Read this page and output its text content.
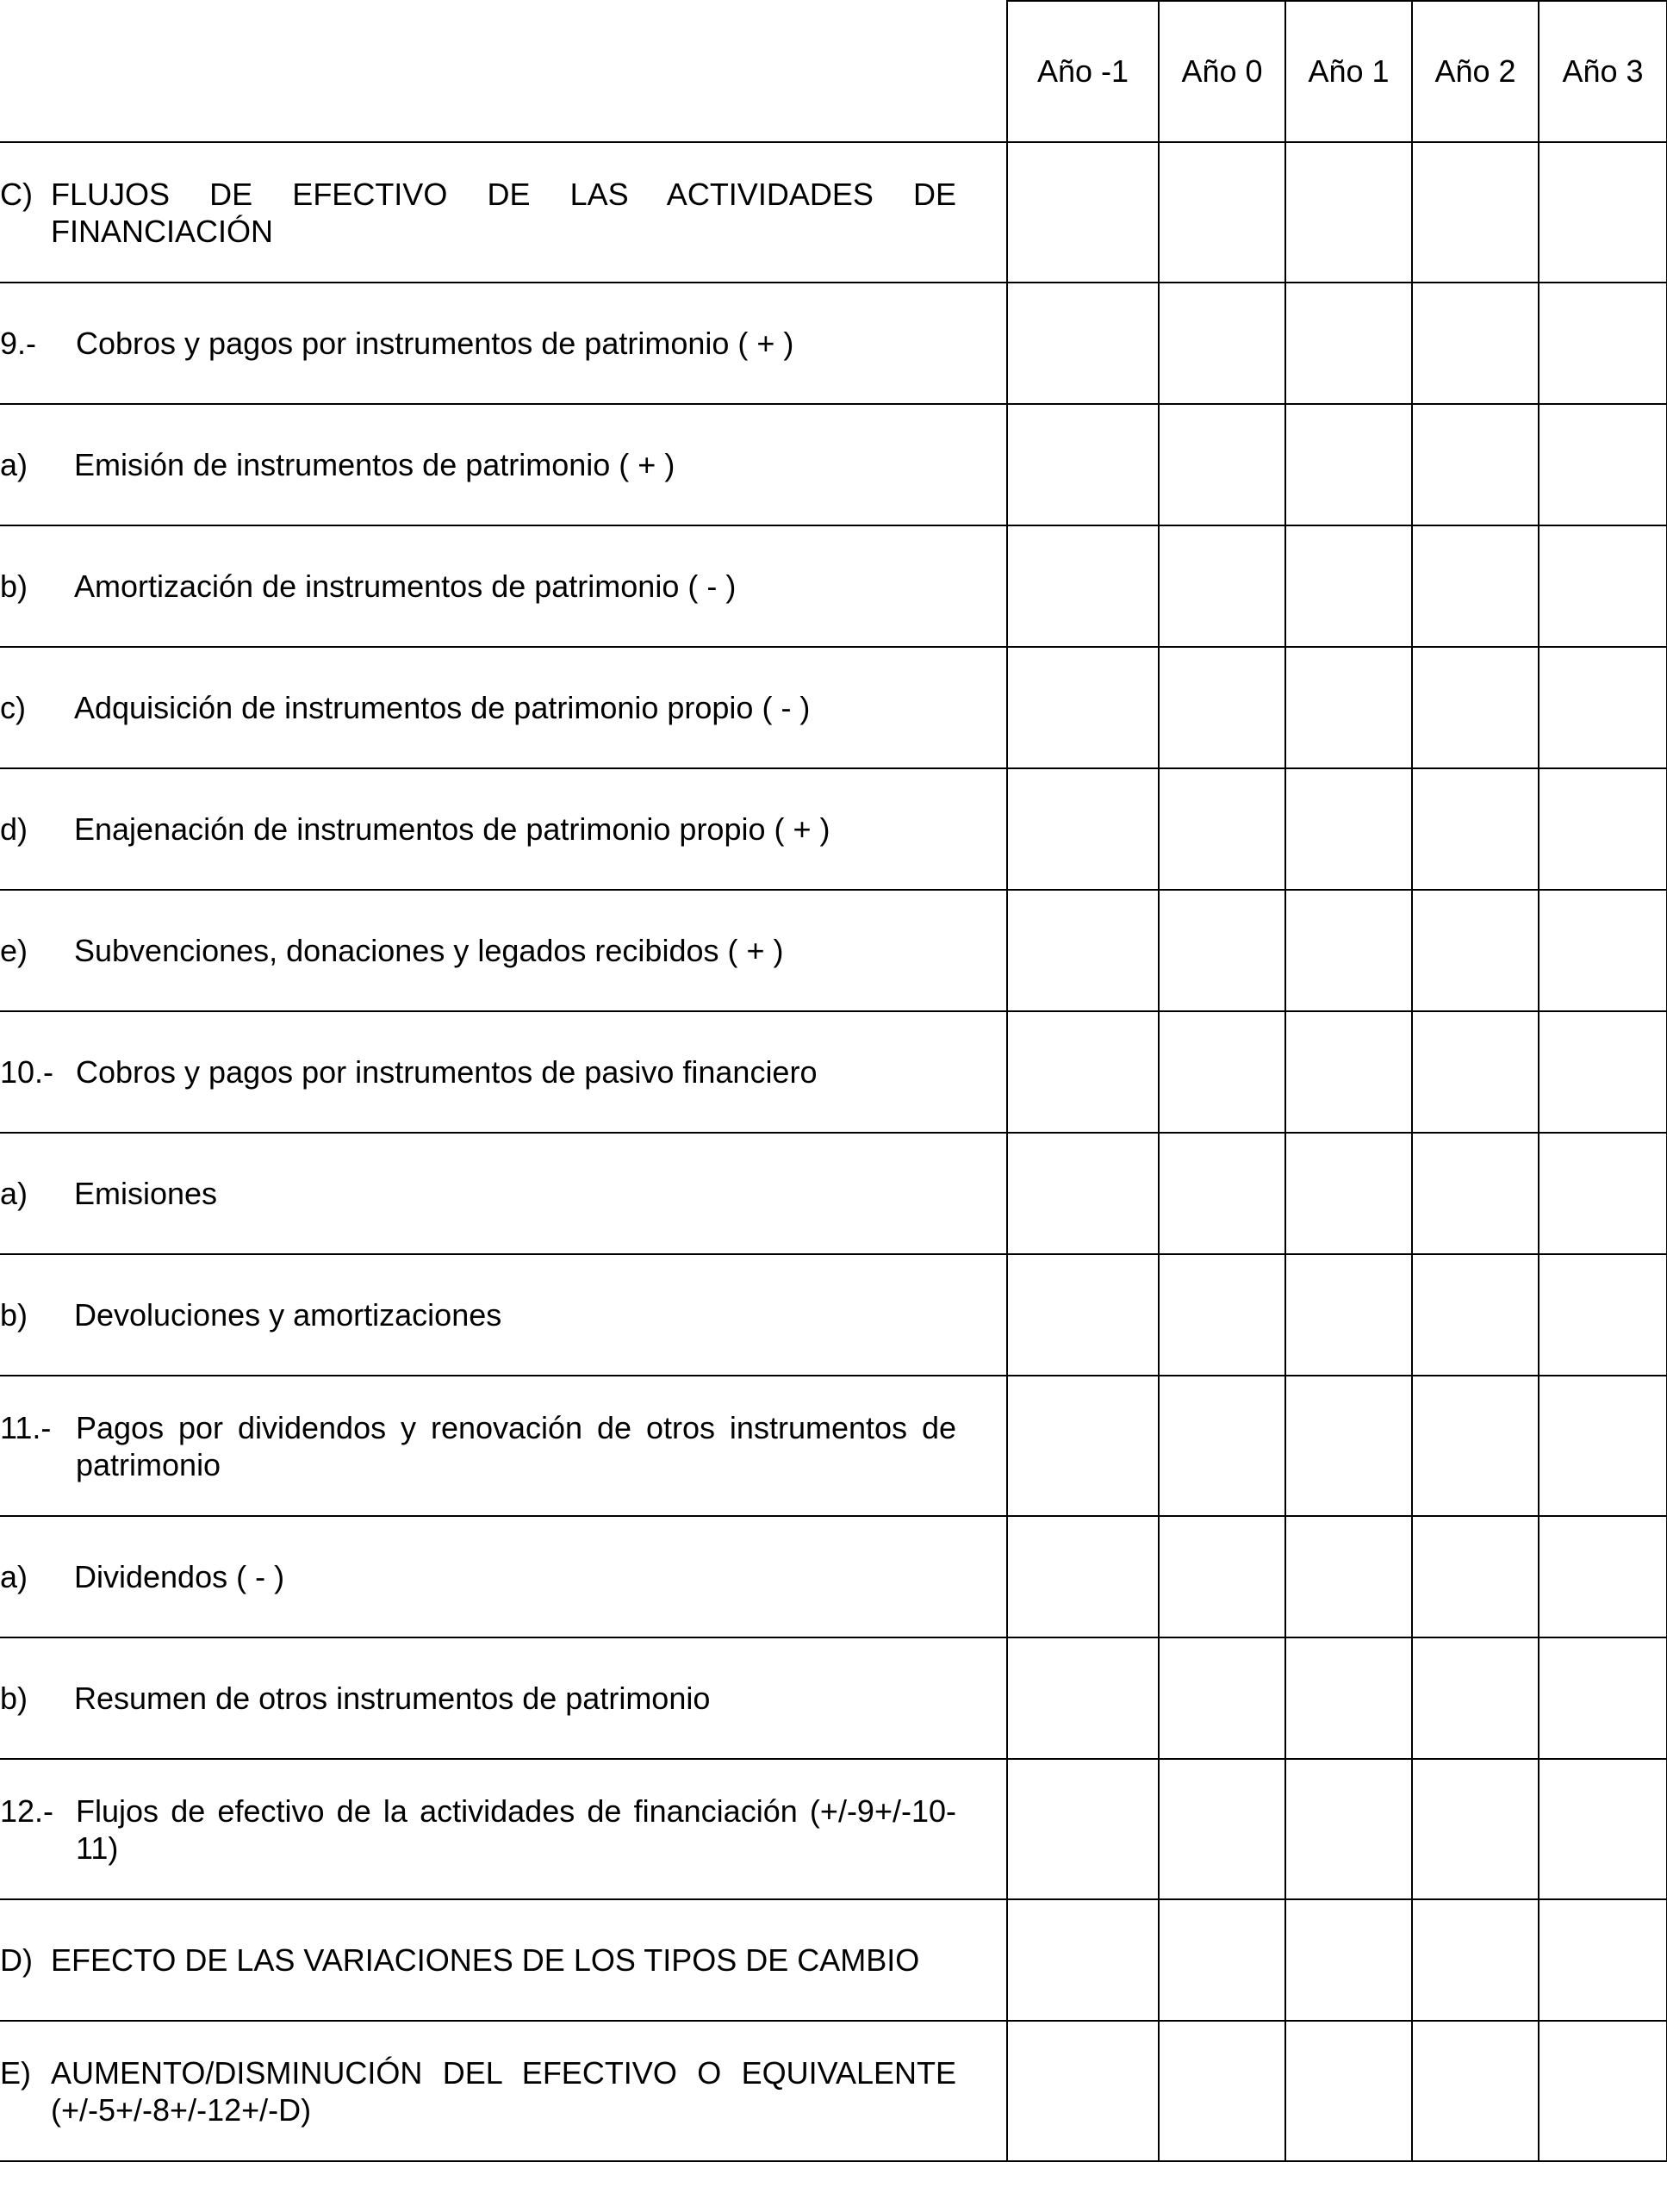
	Año -1	Año 0	Año 1	Año 2	Año 3

C) FLUJOS DE EFECTIVO DE LAS ACTIVIDADES DE FINANCIACIÓN					

9.- Cobros y pagos por instrumentos de patrimonio ( + )					

a) Emisión de instrumentos de patrimonio ( + )					

b) Amortización de instrumentos de patrimonio ( - )					

c) Adquisición de instrumentos de patrimonio propio ( - )					

d) Enajenación de instrumentos de patrimonio propio ( + )					

e) Subvenciones, donaciones y legados recibidos ( + )					

10.- Cobros y pagos por instrumentos de pasivo financiero					

a) Emisiones					

b) Devoluciones y amortizaciones					

11.- Pagos por dividendos y renovación de otros instrumentos de patrimonio					

a) Dividendos ( - )					

b) Resumen de otros instrumentos de patrimonio					

12.- Flujos de efectivo de la actividades de financiación (+/-9+/-10-11)					

D) EFECTO DE LAS VARIACIONES DE LOS TIPOS DE CAMBIO					

E) AUMENTO/DISMINUCIÓN DEL EFECTIVO O EQUIVALENTE (+/-5+/-8+/-12+/-D)					
